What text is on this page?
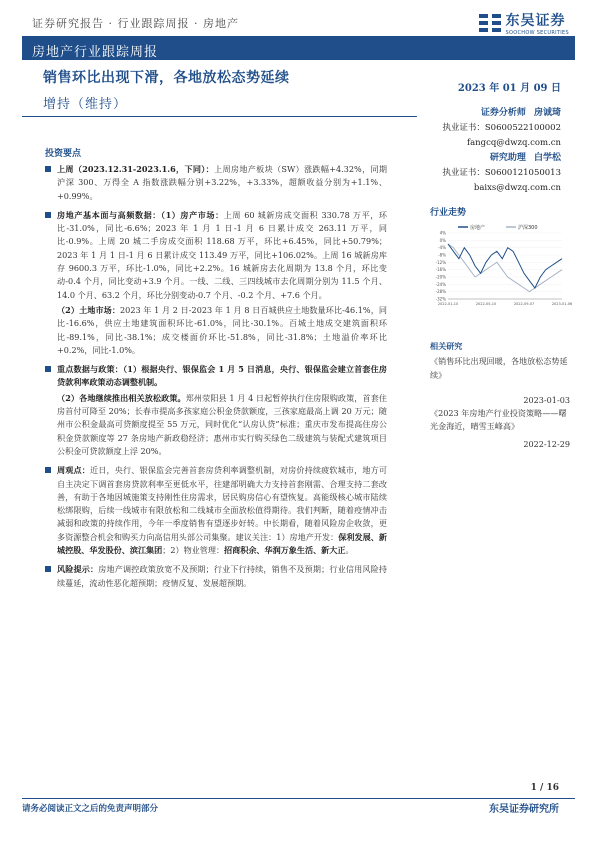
证券研究报告 · 行业跟踪周报 · 房地产	东吴证券
SOOCHOW SECURITIES
房地产行业跟踪周报
销售环比出现下滑，各地放松态势延续
2023 年 01 月 09 日
增持（维持）
证券分析师 房诚琦
执业证书：S0600522100002
fangcq@dwzq.com.cn
研究助理 白学松
执业证书：S0600121050013
baixs@dwzq.com.cn
投资要点
上周（2023.12.31-2023.1.6，下同）：上周房地产板块（SW）涨跌幅+4.32%，同期沪深 300、万得全 A 指数涨跌幅分别+3.22%，+3.33%，超额收益分别为+1.1%、+0.99%。
房地产基本面与高频数据：（1）房产市场：上周 60 城新房成交面积 330.78 万平，环比-31.0%，同比-6.6%；2023 年 1 月 1 日-1 月 6 日累计成交 263.11 万平，同比-0.9%。上周 20 城二手房成交面积 118.68 万平，环比+6.45%，同比+50.79%；2023 年 1 月 1 日-1 月 6 日累计成交 113.49 万平，同比+106.02%。上周 16 城新房库存 9600.3 万平，环比-1.0%，同比+2.2%。16 城新房去化周期为 13.8 个月，环比变动-0.4 个月，同比变动+3.9 个月。一线、二线、三四线城市去化周期分别为 11.5 个月、14.0 个月、63.2 个月，环比分别变动-0.7 个月、-0.2 个月、+7.6 个月。
（2）土地市场：2023 年 1 月 2 日-2023 年 1 月 8 日百城供应土地数量环比-46.1%，同比-16.6%，供应土地建筑面积环比-61.0%，同比-30.1%。百城土地成交建筑面积环比-89.1%，同比-38.1%；成交楼面价环比-51.8%，同比-31.8%；土地溢价率环比+0.2%，同比-1.0%。
重点数据与政策：（1）根据央行、银保监会 1 月 5 日消息，央行、银保监会建立首套住房贷款利率政策动态调整机制。
（2）各地继续推出相关放松政策。郑州荥阳县 1 月 4 日起暂停执行住房限购政策，首套住房首付可降至 20%；长春市提高多孩家庭公积金贷款额度，三孩家庭最高上调 20 万元；随州市公积金最高可贷额度提至 55 万元，同时优化“认房认贷”标准；重庆市发布提高住房公积金贷款额度等 27 条房地产新政稳经济；惠州市实行购买绿色二级建筑与装配式建筑项目公积金可贷款额度上浮 20%。
周观点：近日，央行、银保监会完善首套房贷利率调整机制，对房价持续疲软城市，地方可自主决定下调首套房贷款利率至更低水平，往建部明确大力支持首套刚需、合理支持二套改善，有助于各地因城施策支持刚性住房需求，居民购房信心有望恢复。高能级核心城市陆续松绑限购，后续一线城市有限放松和二线城市全面放松值得期待。我们判断，随着疫情冲击减弱和政策的持续作用，今年一季度销售有望逐步好转。中长期看，随着风险房企收敛，更多资源整合机会和购买力向高信用头部公司集聚。建议关注：1）房地产开发：保利发展、新城控股、华发股份、滨江集团；2）物业管理：招商积余、华润万象生活、新大正。
风险提示：房地产调控政策放宽不及预期；行业下行持续，销售不及预期；行业信用风险持续蔓延，流动性恶化超预期；疫情反复、发展超预期。
行业走势
房地产	沪深300
4%
0%
-4%
-8%
-12%
-16%
-20%
-24%
-28%
-32%
2022-01-10	2022-05-10	2022-09-07	2023-01-06
相关研究
《销售环比出现回暖，各地放松态势延续》
2023-01-03
《2023 年房地产行业投资策略——曙光金海近，晴雪玉峰高》
2022-12-29
1 / 16
请务必阅读正文之后的免责声明部分	东吴证券研究所
